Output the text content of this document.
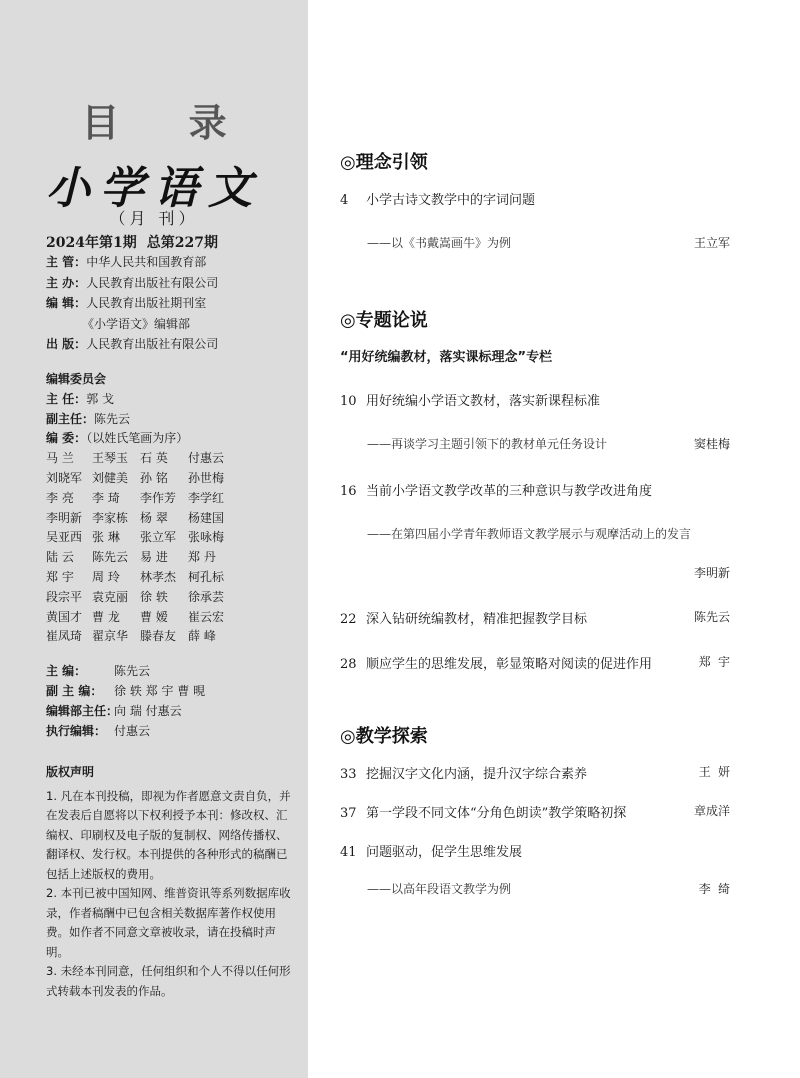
目 录
小学语文
（月 刊）
2024年第1期 总第227期
主 管：中华人民共和国教育部
主 办：人民教育出版社有限公司
编 辑：人民教育出版社期刊室
《小学语文》编辑部
出 版：人民教育出版社有限公司
编辑委员会
主 任：郭 戈
副主任：陈先云
编 委：（以姓氏笔画为序）
马 兰	王琴玉 石 英	付惠云
刘晓军 刘健美 孙 铭	孙世梅
李 亮	李 琦	李作芳 李学红
李明新 李家栋 杨 翠	杨建国
吴亚西 张 琳	张立军 张咏梅
陆 云	陈先云 易 进	郑 丹
郑 宇	周 玲	林孝杰 柯孔标
段宗平 袁克丽 徐 轶	徐承芸
黄国才 曹 龙	曹 嫒	崔云宏
崔凤琦 翟京华 滕春友 薛 峰
主 编： 陈先云
副 主 编： 徐 轶 郑 宇 曹 晛
编辑部主任：向 瑞 付惠云
执行编辑： 付惠云

版权声明

1. 凡在本刊投稿，即视为作者愿意文责自负，并在发表后自愿将以下权利授予本刊：修改权、汇编权、印刷权及电子版的复制权、网络传播权、翻译权、发行权。本刊提供的各种形式的稿酬已包括上述版权的费用。

2. 本刊已被中国知网、维普资讯等系列数据库收录，作者稿酬中已包含相关数据库著作权使用费。如作者不同意文章被收录，请在投稿时声明。

3. 未经本刊同意，任何组织和个人不得以任何形式转载本刊发表的作品。

◎理念引领
4 小学古诗文教学中的字词问题
——以《书戴嵩画牛》为例	王立军
◎专题论说
“用好统编教材，落实课标理念”专栏
10 用好统编小学语文教材，落实新课程标准
——再谈学习主题引领下的教材单元任务设计	窦桂梅
16 当前小学语文教学改革的三种意识与教学改进角度
——在第四届小学青年教师语文教学展示与观摩活动上的发言
李明新
22 深入钻研统编教材，精准把握教学目标	陈先云
28 顺应学生的思维发展，彰显策略对阅读的促进作用	郑 宇
◎教学探索
33 挖掘汉字文化内涵，提升汉字综合素养	王 妍
37 第一学段不同文体“分角色朗读”教学策略初探	章成洋
41 问题驱动，促学生思维发展
——以高年段语文教学为例	李 绮
